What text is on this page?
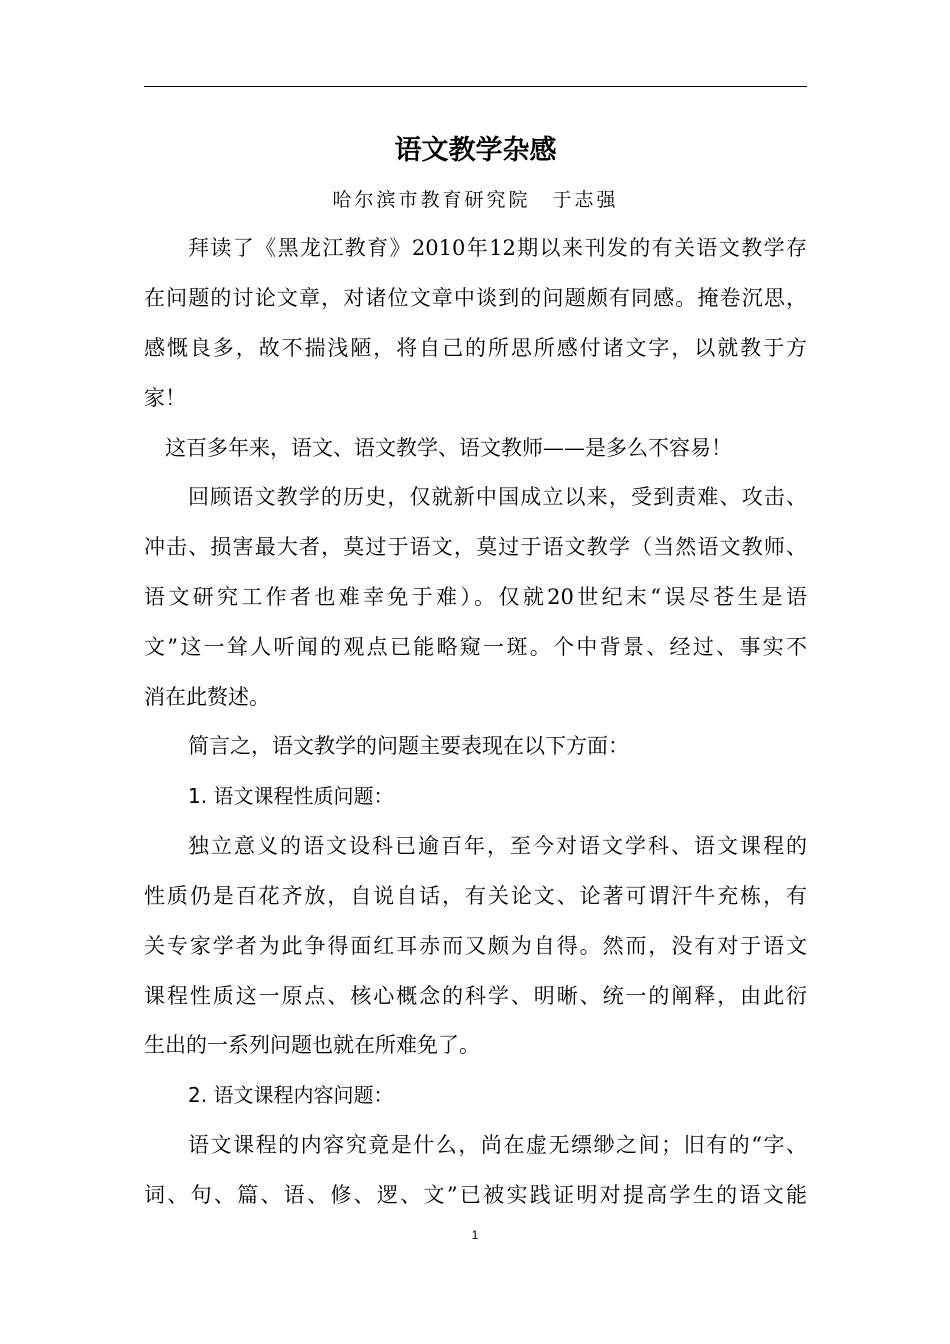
语文教学杂感
哈尔滨市教育研究院　于志强
拜读了《黑龙江教育》2010年12期以来刊发的有关语文教学存
在问题的讨论文章，对诸位文章中谈到的问题颇有同感。掩卷沉思，
感慨良多，故不揣浅陋，将自己的所思所感付诸文字，以就教于方
家！
这百多年来，语文、语文教学、语文教师——是多么不容易！
回顾语文教学的历史，仅就新中国成立以来，受到责难、攻击、
冲击、损害最大者，莫过于语文，莫过于语文教学（当然语文教师、
语文研究工作者也难幸免于难）。仅就20世纪末“误尽苍生是语
文”这一耸人听闻的观点已能略窥一斑。个中背景、经过、事实不
消在此赘述。
简言之，语文教学的问题主要表现在以下方面：
1. 语文课程性质问题：
独立意义的语文设科已逾百年，至今对语文学科、语文课程的
性质仍是百花齐放，自说自话，有关论文、论著可谓汗牛充栋，有
关专家学者为此争得面红耳赤而又颇为自得。然而，没有对于语文
课程性质这一原点、核心概念的科学、明晰、统一的阐释，由此衍
生出的一系列问题也就在所难免了。
2. 语文课程内容问题：
语文课程的内容究竟是什么，尚在虚无缥缈之间；旧有的“字、
词、句、篇、语、修、逻、文”已被实践证明对提高学生的语文能
1
